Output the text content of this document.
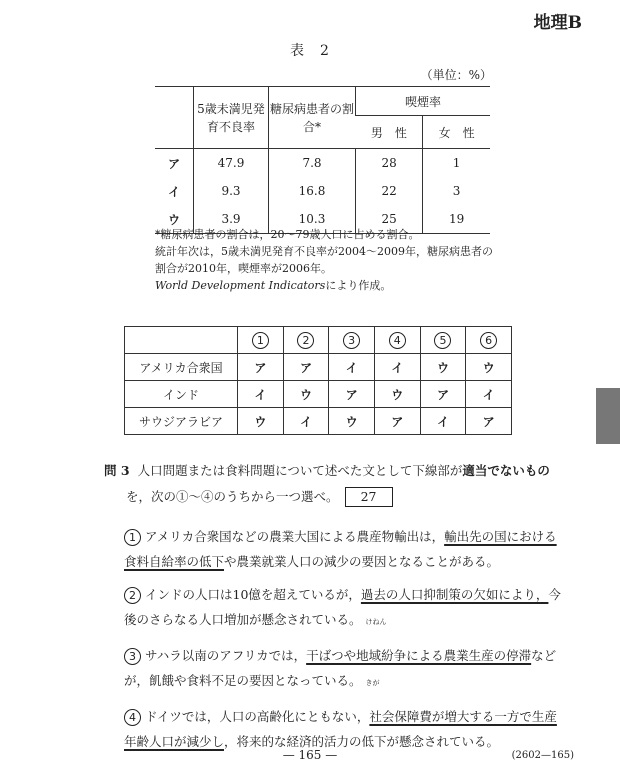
地理B
表　2
（単位：%）
	5歳未満児発育不良率	糖尿病患者の割合*	喫煙率	
			男　性	女　性
ア	47.9	7.8	28	1
イ	9.3	16.8	22	3
ウ	3.9	10.3	25	19
*糖尿病患者の割合は，20〜79歳人口に占める割合。
統計年次は，5歳未満児発育不良率が2004〜2009年，糖尿病患者の
割合が2010年，喫煙率が2006年。
World Development Indicatorsにより作成。
	1	2	3	4	5	6
アメリカ合衆国	ア	ア	イ	イ	ウ	ウ
インド	イ	ウ	ア	ウ	ア	イ
サウジアラビア	ウ	イ	ウ	ア	イ	ア
問 3 人口問題または食料問題について述べた文として下線部が適当でないもの
を，次の①〜④のうちから一つ選べ。 27
1 アメリカ合衆国などの農業大国による農産物輸出は，輸出先の国における食料自給率の低下や農業就業人口の減少の要因となることがある。
2 インドの人口は10億を超えているが，過去の人口抑制策の欠如により，今後のさらなる人口増加が懸念されている。 けねん
3 サハラ以南のアフリカでは，干ばつや地域紛争による農業生産の停滞などが，飢餓や食料不足の要因となっている。 きが
4 ドイツでは，人口の高齢化にともない，社会保障費が増大する一方で生産年齢人口が減少し，将来的な経済的活力の低下が懸念されている。
— 165 —	(2602—165)
